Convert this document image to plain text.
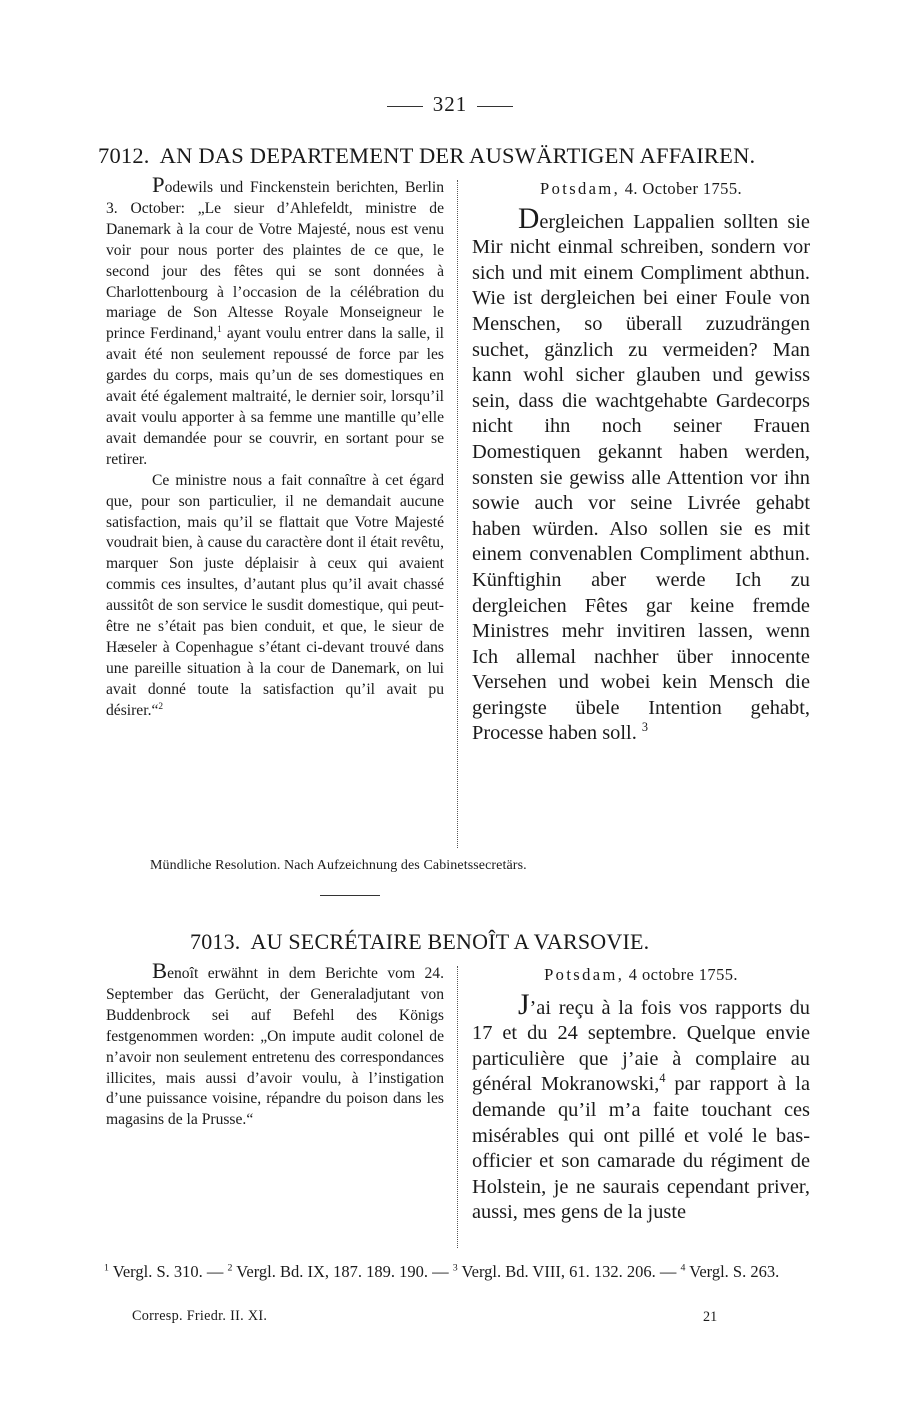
321
7012. AN DAS DEPARTEMENT DER AUSWÄRTIGEN AFFAIREN.

Podewils und Finckenstein berichten, Berlin 3. October: „Le sieur d’Ahlefeldt, ministre de Danemark à la cour de Votre Majesté, nous est venu voir pour nous porter des plaintes de ce que, le second jour des fêtes qui se sont données à Charlottenbourg à l’occasion de la célébration du mariage de Son Altesse Royale Monseigneur le prince Ferdinand,$^1$ ayant voulu entrer dans la salle, il avait été non seulement repoussé de force par les gardes du corps, mais qu’un de ses domestiques en avait été également maltraité, le dernier soir, lorsqu’il avait voulu apporter à sa femme une mantille qu’elle avait demandée pour se couvrir, en sortant pour se retirer.

Ce ministre nous a fait connaître à cet égard que, pour son particulier, il ne demandait aucune satisfaction, mais qu’il se flattait que Votre Majesté voudrait bien, à cause du caractère dont il était revêtu, marquer Son juste déplaisir à ceux qui avaient commis ces insultes, d’autant plus qu’il avait chassé aussitôt de son service le susdit domestique, qui peut-être ne s’était pas bien conduit, et que, le sieur de Hæseler à Copenhague s’étant ci-devant trouvé dans une pareille situation à la cour de Danemark, on lui avait donné toute la satisfaction qu’il avait pu désirer.“$^2$

Potsdam, 4. October 1755.

Dergleichen Lappalien sollten sie Mir nicht einmal schreiben, sondern vor sich und mit einem Compliment abthun. Wie ist dergleichen bei einer Foule von Menschen, so überall zuzudrängen suchet, gänzlich zu vermeiden? Man kann wohl sicher glauben und gewiss sein, dass die wachtgehabte Gardecorps nicht ihn noch seiner Frauen Domestiquen gekannt haben werden, sonsten sie gewiss alle Attention vor ihn sowie auch vor seine Livrée gehabt haben würden. Also sollen sie es mit einem convenablen Compliment abthun. Künftighin aber werde Ich zu dergleichen Fêtes gar keine fremde Ministres mehr invitiren lassen, wenn Ich allemal nachher über innocente Versehen und wobei kein Mensch die geringste übele Intention gehabt, Processe haben soll. $^3$

Mündliche Resolution. Nach Aufzeichnung des Cabinetssecretärs.
7013. AU SECRÉTAIRE BENOÎT A VARSOVIE.

Benoît erwähnt in dem Berichte vom 24. September das Gerücht, der Generaladjutant von Buddenbrock sei auf Befehl des Königs festgenommen worden: „On impute audit colonel de n’avoir non seulement entretenu des correspondances illicites, mais aussi d’avoir voulu, à l’instigation d’une puissance voisine, répandre du poison dans les magasins de la Prusse.“

Potsdam, 4 octobre 1755.

J’ai reçu à la fois vos rapports du 17 et du 24 septembre. Quelque envie particulière que j’aie à complaire au général Mokranowski,$^4$ par rapport à la demande qu’il m’a faite touchant ces misérables qui ont pillé et volé le bas-officier et son camarade du régiment de Holstein, je ne saurais cependant priver, aussi, mes gens de la juste

$^1$ Vergl. S. 310. — $^2$ Vergl. Bd. IX, 187. 189. 190. — $^3$ Vergl. Bd. VIII, 61. 132. 206. — $^4$ Vergl. S. 263.
Corresp. Friedr. II. XI.	21
